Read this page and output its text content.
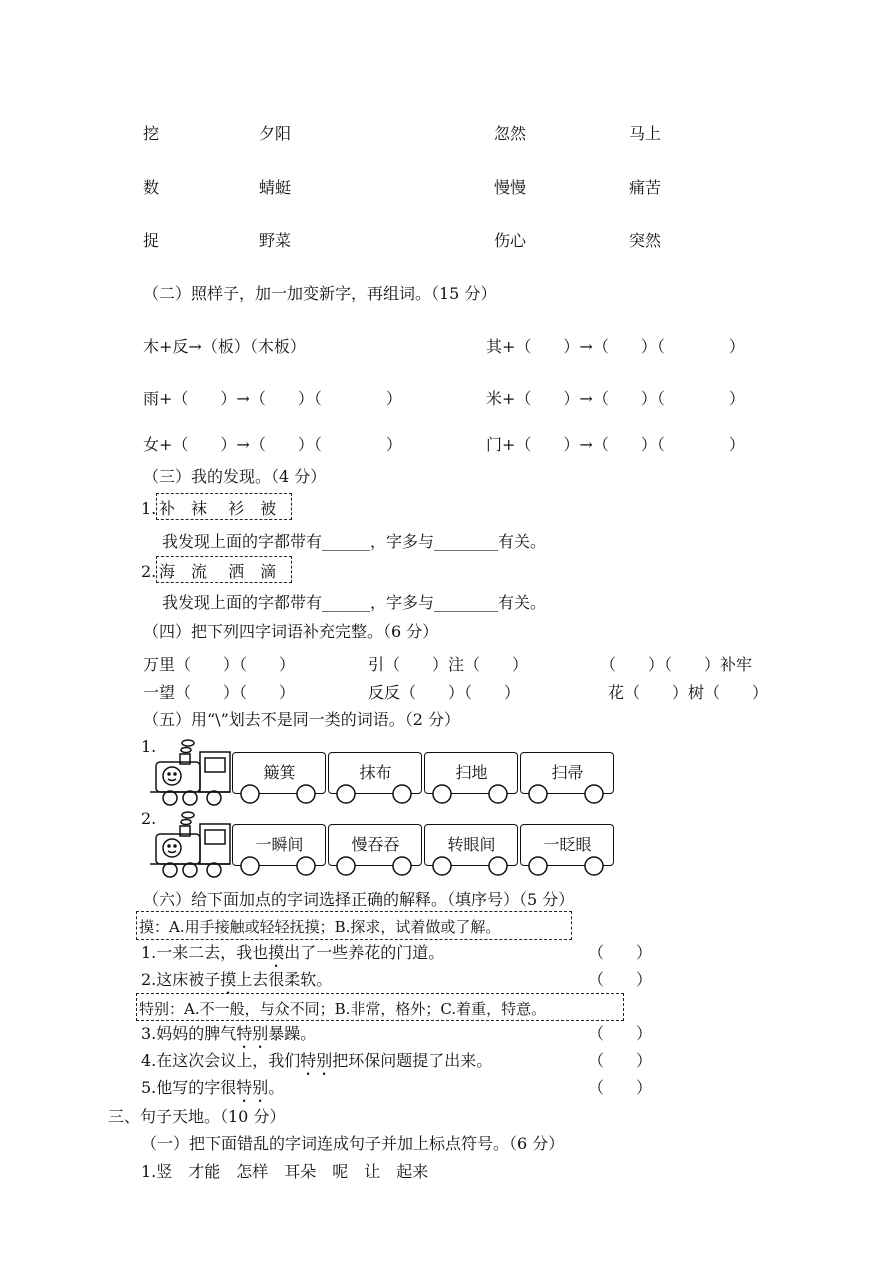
挖	夕阳	忽然	马上
数	蜻蜓	慢慢	痛苦
捉	野菜	伤心	突然
（二）照样子，加一加变新字，再组词。（15 分）
木+反→（板）（木板）	其+（　　）→（　　）（　　　　）
雨+（　　）→（　　）（　　　　）	米+（　　）→（　　）（　　　　）
女+（　　）→（　　）（　　　　）	门+（　　）→（　　）（　　　　）
（三）我的发现。（4 分）
1. 补　袜　 衫　被
我发现上面的字都带有______，字多与________有关。
2. 海　流　 洒　滴
我发现上面的字都带有______，字多与________有关。
（四）把下列四字词语补充完整。（6 分）
万里（　　）（　　）	引（　　）注（　　）	（　　）（　　）补牢
一望（　　）（　　）	反反（　　）（　　）	花（　　）树（　　）
（五）用“\”划去不是同一类的词语。（2 分）
1.
2.
簸箕	抹布	扫地	扫帚
一瞬间	慢吞吞	转眼间	一眨眼
（六）给下面加点的字词选择正确的解释。（填序号）（5 分）
摸：A.用手接触或轻轻抚摸；B.探求，试着做或了解。
1.一来二去，我也摸出了一些养花的门道。	（　　）
2.这床被子摸上去很柔软。	（　　）
特别：A.不一般，与众不同；B.非常，格外；C.着重，特意。
3.妈妈的脾气特别暴躁。	（　　）
4.在这次会议上，我们特别把环保问题提了出来。	（　　）
5.他写的字很特别。	（　　）
三、句子天地。（10 分）
（一）把下面错乱的字词连成句子并加上标点符号。（6 分）
1.竖　才能　怎样　耳朵　呢　让　起来
